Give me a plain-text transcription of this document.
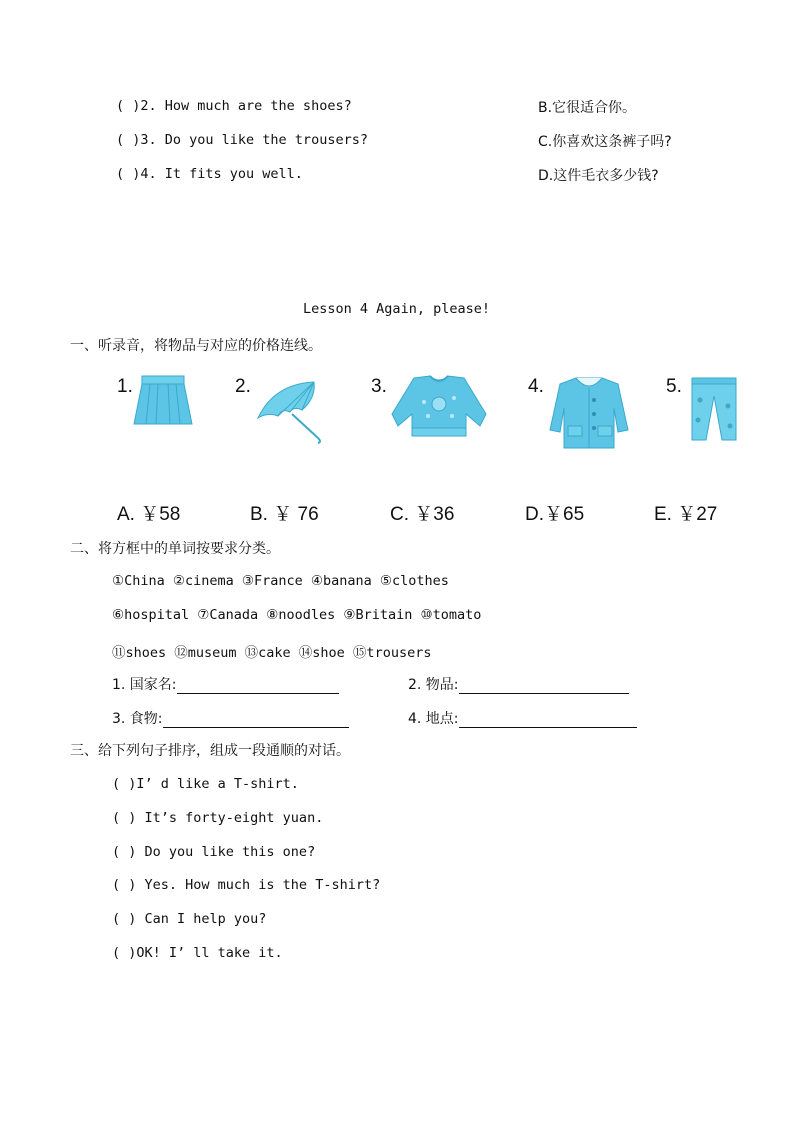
( )2. How much are the shoes?
( )3. Do you like the trousers?
( )4. It fits you well.
B.它很适合你。
C.你喜欢这条裤子吗?
D.这件毛衣多少钱?
Lesson 4 Again, please!
一、听录音，将物品与对应的价格连线。
1.	2.	3.	4.	5.
A. ￥58	B. ￥ 76	C. ￥36	D.￥65	E. ￥27
二、将方框中的单词按要求分类。
①China ②cinema ③France ④banana ⑤clothes
⑥hospital ⑦Canada ⑧noodles ⑨Britain ⑩tomato
⑪shoes ⑫museum ⑬cake ⑭shoe ⑮trousers
1. 国家名:	2. 物品:
3. 食物:	4. 地点:
三、给下列句子排序，组成一段通顺的对话。
( )I’ d like a T-shirt.
( ) It’s forty-eight yuan.
( ) Do you like this one?
( ) Yes. How much is the T-shirt?
( ) Can I help you?
( )OK! I’ ll take it.
